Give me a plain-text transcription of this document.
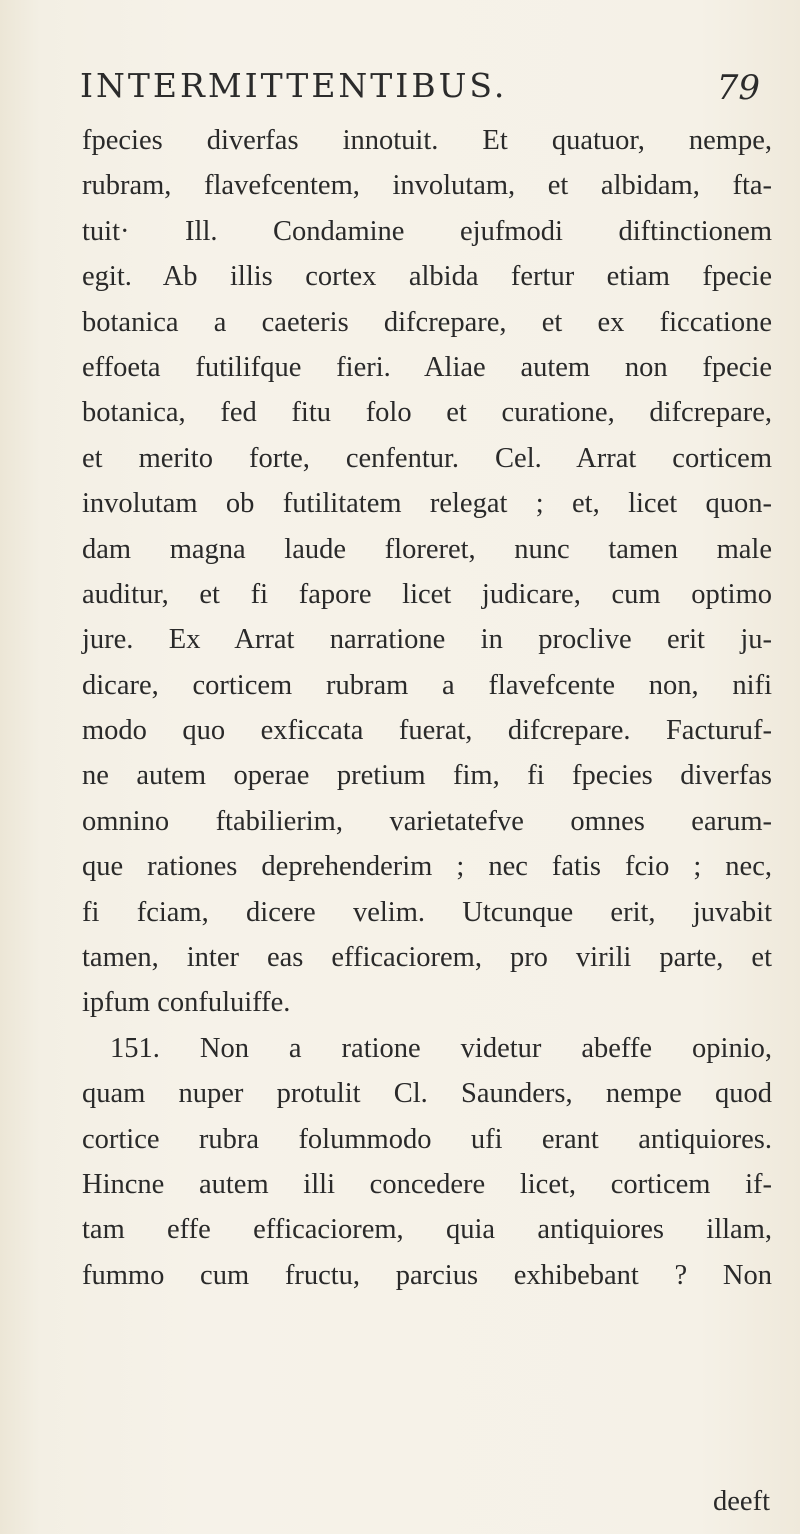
INTERMITTENTIBUS.	79
fpecies diverfas innotuit. Et quatuor, nempe,
rubram, flavefcentem, involutam, et albidam, fta-
tuit· Ill. Condamine ejufmodi diftinctionem
egit. Ab illis cortex albida fertur etiam fpecie
botanica a caeteris difcrepare, et ex ficcatione
effoeta futilifque fieri. Aliae autem non fpecie
botanica, fed fitu folo et curatione, difcrepare,
et merito forte, cenfentur. Cel. Arrat corticem
involutam ob futilitatem relegat ; et, licet quon-
dam magna laude floreret, nunc tamen male
auditur, et fi fapore licet judicare, cum optimo
jure. Ex Arrat narratione in proclive erit ju-
dicare, corticem rubram a flavefcente non, nifi
modo quo exficcata fuerat, difcrepare. Facturuf-
ne autem operae pretium fim, fi fpecies diverfas
omnino ftabilierim, varietatefve omnes earum-
que rationes deprehenderim ; nec fatis fcio ; nec,
fi fciam, dicere velim. Utcunque erit, juvabit
tamen, inter eas efficaciorem, pro virili parte, et
ipfum confuluiffe.
151. Non a ratione videtur abeffe opinio,
quam nuper protulit Cl. Saunders, nempe quod
cortice rubra folummodo ufi erant antiquiores.
Hincne autem illi concedere licet, corticem if-
tam effe efficaciorem, quia antiquiores illam,
fummo cum fructu, parcius exhibebant ? Non
deeft
